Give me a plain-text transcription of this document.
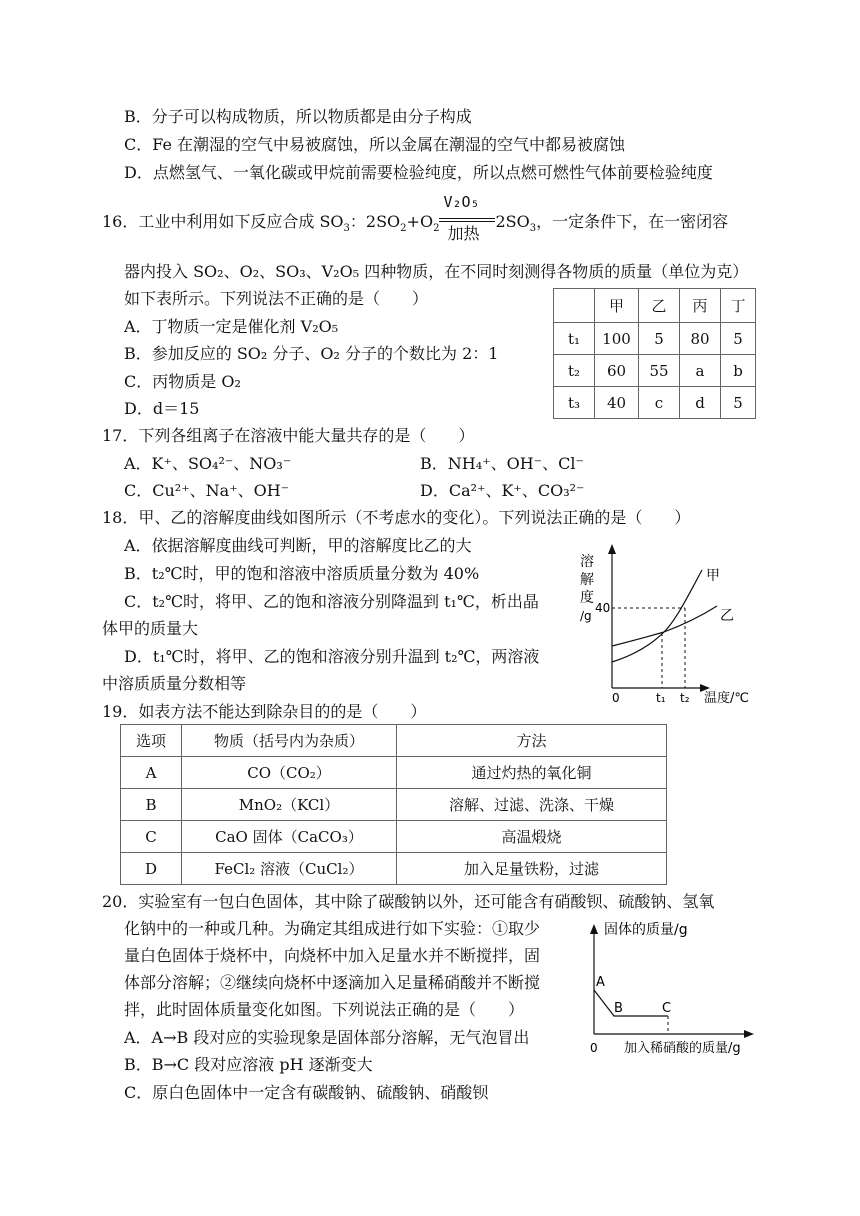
B．分子可以构成物质，所以物质都是由分子构成
C．Fe 在潮湿的空气中易被腐蚀，所以金属在潮湿的空气中都易被腐蚀
D．点燃氢气、一氧化碳或甲烷前需要检验纯度，所以点燃可燃性气体前要检验纯度
16．工业中利用如下反应合成 $SO_3$：$2SO_2+O_2$
V₂O₅
加热
$2SO_3$，一定条件下，在一密闭容
器内投入 SO₂、O₂、SO₃、V₂O₅ 四种物质，在不同时刻测得各物质的质量（单位为克）
如下表所示。下列说法不正确的是（　　）
A．丁物质一定是催化剂 V₂O₅
B．参加反应的 SO₂ 分子、O₂ 分子的个数比为 2：1
C．丙物质是 O₂
D．d＝15
	甲	乙	丙	丁
t₁	100	5	80	5
t₂	60	55	a	b
t₃	40	c	d	5
17．下列各组离子在溶液中能大量共存的是（　　）
A．K⁺、SO₄²⁻、NO₃⁻	B．NH₄⁺、OH⁻、Cl⁻
C．Cu²⁺、Na⁺、OH⁻	D．Ca²⁺、K⁺、CO₃²⁻
18．甲、乙的溶解度曲线如图所示（不考虑水的变化）。下列说法正确的是（　　）
A．依据溶解度曲线可判断，甲的溶解度比乙的大
B．t₂℃时，甲的饱和溶液中溶质质量分数为 40%
C．t₂℃时，将甲、乙的饱和溶液分别降温到 t₁℃，析出晶
体甲的质量大
D．t₁℃时，将甲、乙的饱和溶液分别升温到 t₂℃，两溶液
中溶质质量分数相等
溶
解
度
/g
40
甲
乙
0	t₁ t₂ 温度/℃
19．如表方法不能达到除杂目的的是（　　）
选项	物质（括号内为杂质）	方法
A	CO（CO₂）	通过灼热的氧化铜
B	MnO₂（KCl）	溶解、过滤、洗涤、干燥
C	CaO 固体（CaCO₃）	高温煅烧
D	FeCl₂ 溶液（CuCl₂）	加入足量铁粉，过滤
20．实验室有一包白色固体，其中除了碳酸钠以外，还可能含有硝酸钡、硫酸钠、氢氧
化钠中的一种或几种。为确定其组成进行如下实验：①取少
量白色固体于烧杯中，向烧杯中加入足量水并不断搅拌，固
体部分溶解；②继续向烧杯中逐滴加入足量稀硝酸并不断搅
拌，此时固体质量变化如图。下列说法正确的是（　　）
A．A→B 段对应的实验现象是固体部分溶解，无气泡冒出
B．B→C 段对应溶液 pH 逐渐变大
C．原白色固体中一定含有碳酸钠、硫酸钠、硝酸钡
固体的质量/g
A
B	C
0 加入稀硝酸的质量/g
